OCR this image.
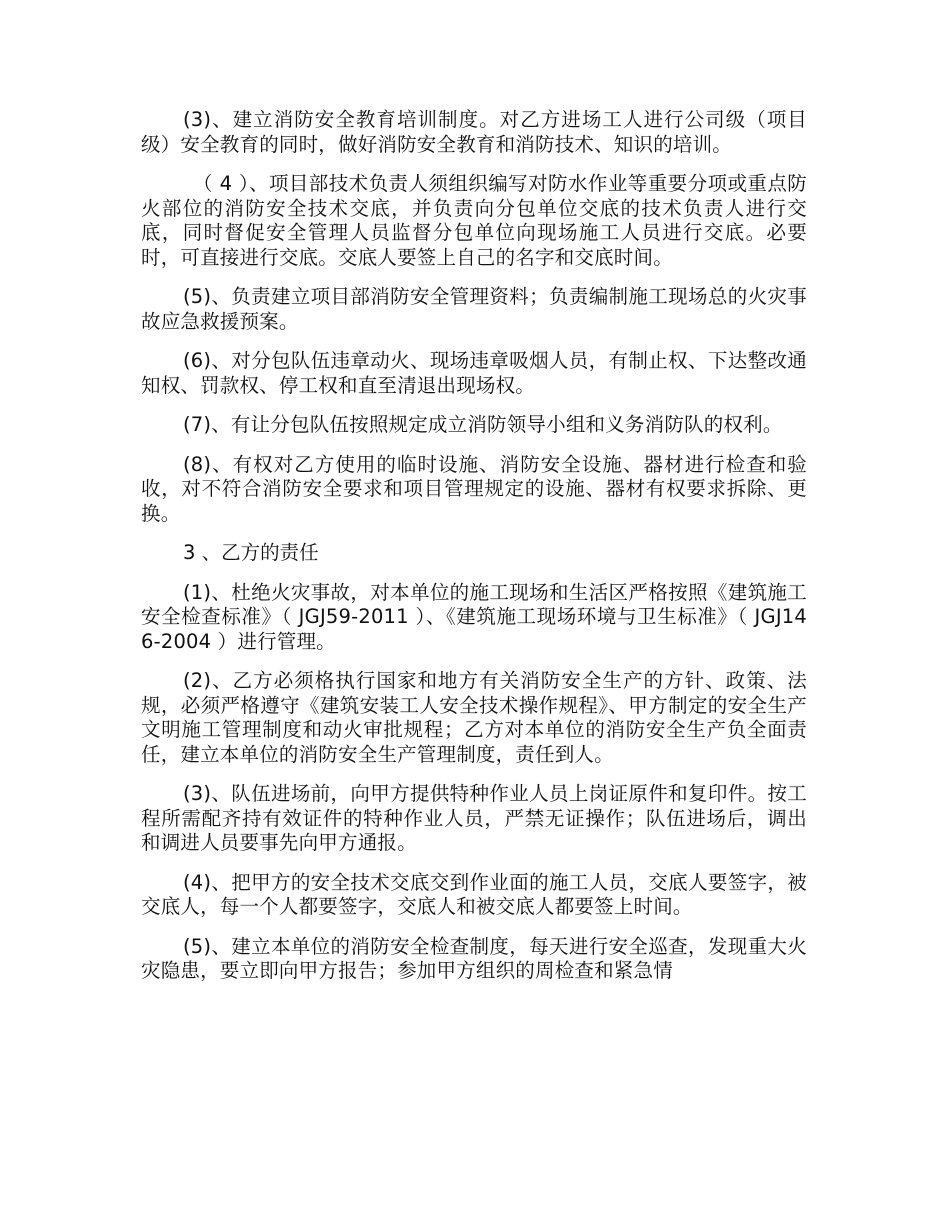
(3)、建立消防安全教育培训制度。对乙方进场工人进行公司级（项目级）安全教育的同时，做好消防安全教育和消防技术、知识的培训。

（ 4 ）、项目部技术负责人须组织编写对防水作业等重要分项或重点防火部位的消防安全技术交底，并负责向分包单位交底的技术负责人进行交底，同时督促安全管理人员监督分包单位向现场施工人员进行交底。必要时，可直接进行交底。交底人要签上自己的名字和交底时间。

(5)、负责建立项目部消防安全管理资料；负责编制施工现场总的火灾事故应急救援预案。

(6)、对分包队伍违章动火、现场违章吸烟人员，有制止权、下达整改通知权、罚款权、停工权和直至清退出现场权。

(7)、有让分包队伍按照规定成立消防领导小组和义务消防队的权利。

(8)、有权对乙方使用的临时设施、消防安全设施、器材进行检查和验收，对不符合消防安全要求和项目管理规定的设施、器材有权要求拆除、更换。

3 、乙方的责任

(1)、杜绝火灾事故，对本单位的施工现场和生活区严格按照《建筑施工安全检查标准》（ JGJ59-2011 ）、《建筑施工现场环境与卫生标准》（ JGJ146-2004 ）进行管理。

(2)、乙方必须格执行国家和地方有关消防安全生产的方针、政策、法规，必须严格遵守《建筑安装工人安全技术操作规程》、甲方制定的安全生产文明施工管理制度和动火审批规程；乙方对本单位的消防安全生产负全面责任，建立本单位的消防安全生产管理制度，责任到人。

(3)、队伍进场前，向甲方提供特种作业人员上岗证原件和复印件。按工程所需配齐持有效证件的特种作业人员，严禁无证操作；队伍进场后，调出和调进人员要事先向甲方通报。

(4)、把甲方的安全技术交底交到作业面的施工人员，交底人要签字，被交底人，每一个人都要签字，交底人和被交底人都要签上时间。

(5)、建立本单位的消防安全检查制度，每天进行安全巡查，发现重大火灾隐患，要立即向甲方报告；参加甲方组织的周检查和紧急情
